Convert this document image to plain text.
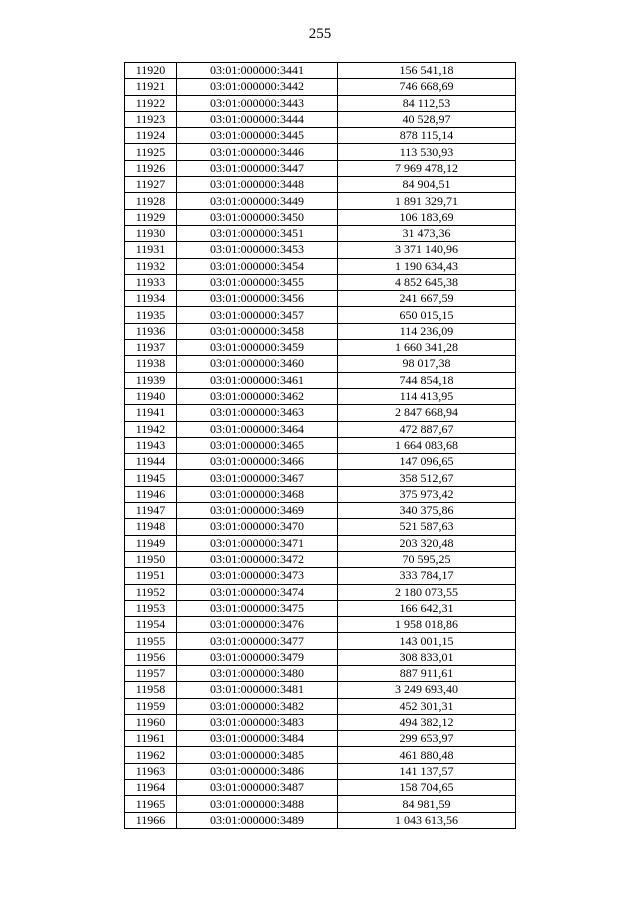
255
11920	03:01:000000:3441	156 541,18
11921	03:01:000000:3442	746 668,69
11922	03:01:000000:3443	84 112,53
11923	03:01:000000:3444	40 528,97
11924	03:01:000000:3445	878 115,14
11925	03:01:000000:3446	113 530,93
11926	03:01:000000:3447	7 969 478,12
11927	03:01:000000:3448	84 904,51
11928	03:01:000000:3449	1 891 329,71
11929	03:01:000000:3450	106 183,69
11930	03:01:000000:3451	31 473,36
11931	03:01:000000:3453	3 371 140,96
11932	03:01:000000:3454	1 190 634,43
11933	03:01:000000:3455	4 852 645,38
11934	03:01:000000:3456	241 667,59
11935	03:01:000000:3457	650 015,15
11936	03:01:000000:3458	114 236,09
11937	03:01:000000:3459	1 660 341,28
11938	03:01:000000:3460	98 017,38
11939	03:01:000000:3461	744 854,18
11940	03:01:000000:3462	114 413,95
11941	03:01:000000:3463	2 847 668,94
11942	03:01:000000:3464	472 887,67
11943	03:01:000000:3465	1 664 083,68
11944	03:01:000000:3466	147 096,65
11945	03:01:000000:3467	358 512,67
11946	03:01:000000:3468	375 973,42
11947	03:01:000000:3469	340 375,86
11948	03:01:000000:3470	521 587,63
11949	03:01:000000:3471	203 320,48
11950	03:01:000000:3472	70 595,25
11951	03:01:000000:3473	333 784,17
11952	03:01:000000:3474	2 180 073,55
11953	03:01:000000:3475	166 642,31
11954	03:01:000000:3476	1 958 018,86
11955	03:01:000000:3477	143 001,15
11956	03:01:000000:3479	308 833,01
11957	03:01:000000:3480	887 911,61
11958	03:01:000000:3481	3 249 693,40
11959	03:01:000000:3482	452 301,31
11960	03:01:000000:3483	494 382,12
11961	03:01:000000:3484	299 653,97
11962	03:01:000000:3485	461 880,48
11963	03:01:000000:3486	141 137,57
11964	03:01:000000:3487	158 704,65
11965	03:01:000000:3488	84 981,59
11966	03:01:000000:3489	1 043 613,56
